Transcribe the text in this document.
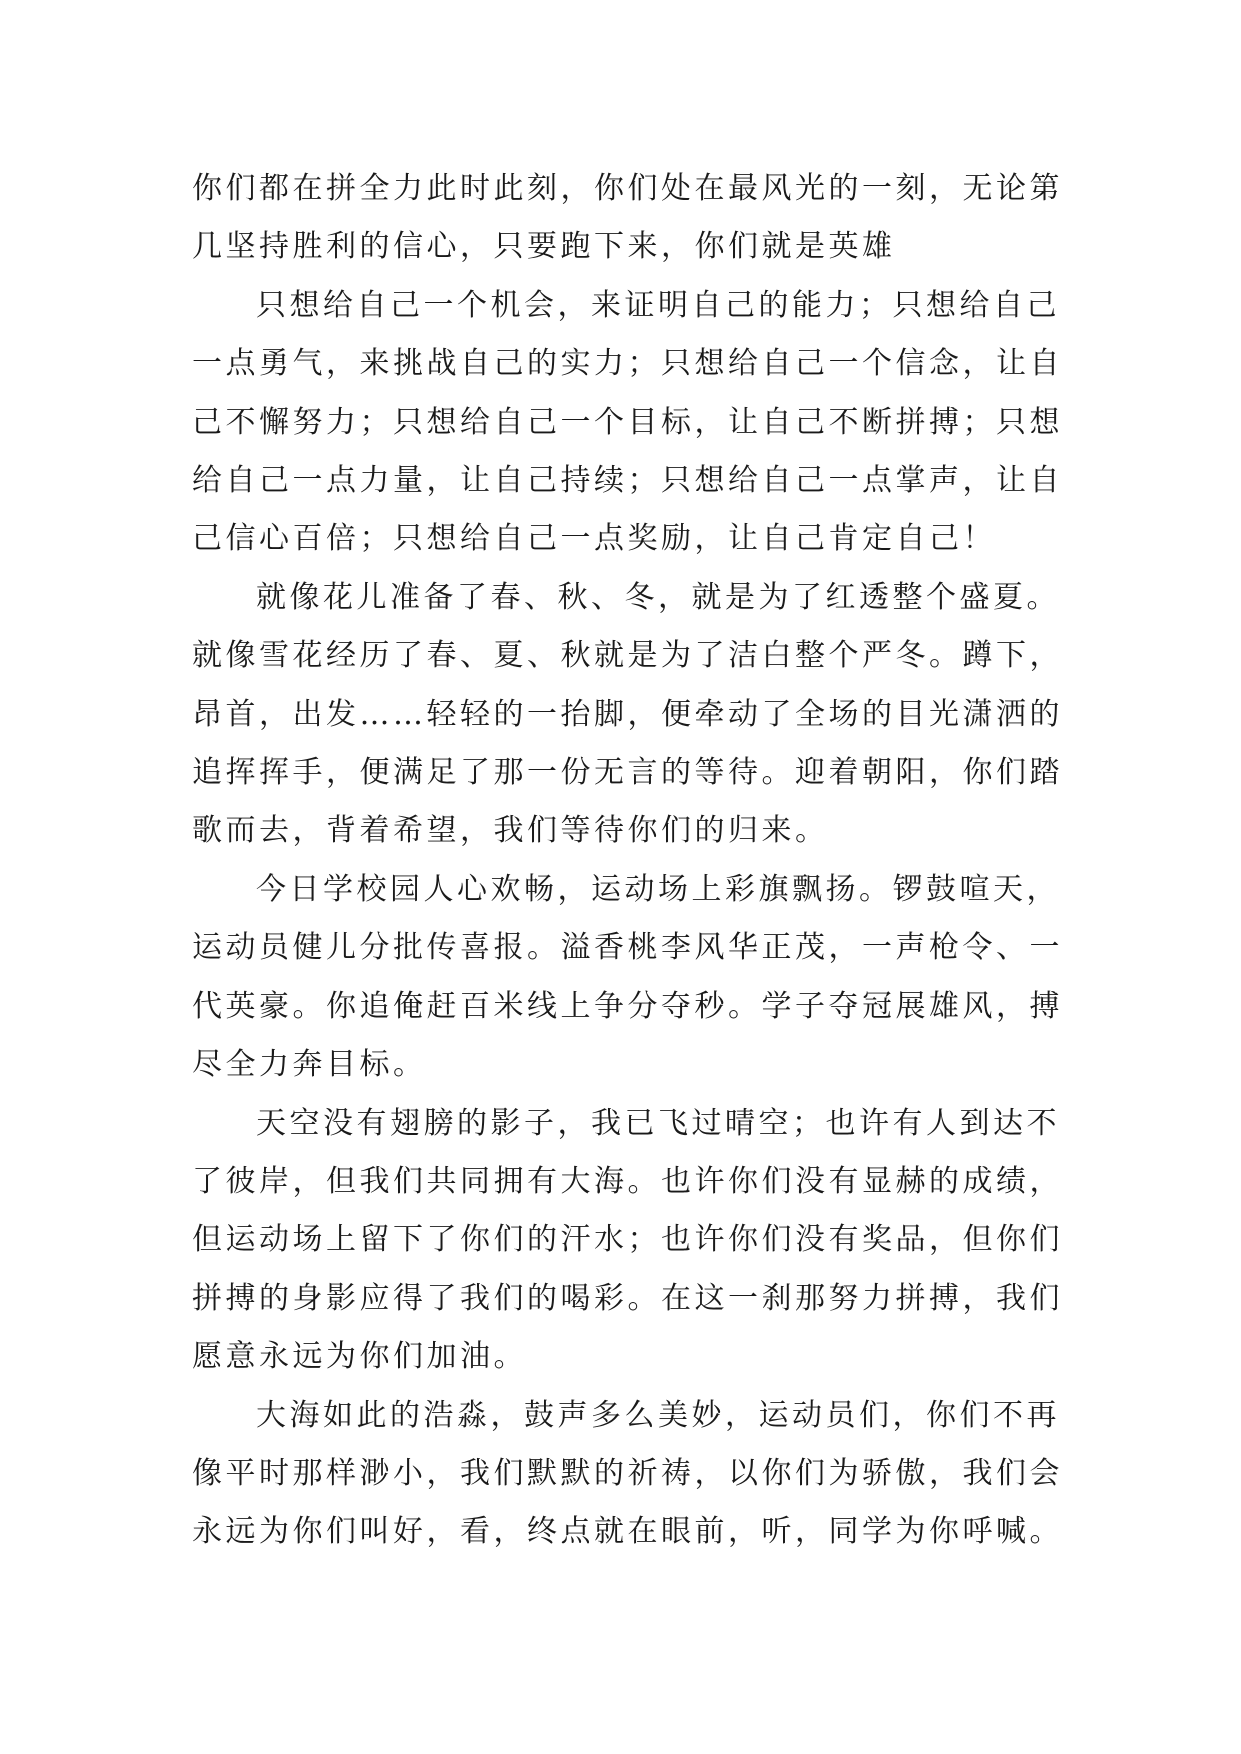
你们都在拼全力此时此刻，你们处在最风光的一刻，无论第
几坚持胜利的信心，只要跑下来，你们就是英雄
只想给自己一个机会，来证明自己的能力；只想给自己
一点勇气，来挑战自己的实力；只想给自己一个信念，让自
己不懈努力；只想给自己一个目标，让自己不断拼搏；只想
给自己一点力量，让自己持续；只想给自己一点掌声，让自
己信心百倍；只想给自己一点奖励，让自己肯定自己！
就像花儿准备了春、秋、冬，就是为了红透整个盛夏。
就像雪花经历了春、夏、秋就是为了洁白整个严冬。蹲下，
昂首，出发……轻轻的一抬脚，便牵动了全场的目光潇洒的
追挥挥手，便满足了那一份无言的等待。迎着朝阳，你们踏
歌而去，背着希望，我们等待你们的归来。
今日学校园人心欢畅，运动场上彩旗飘扬。锣鼓喧天，
运动员健儿分批传喜报。溢香桃李风华正茂，一声枪令、一
代英豪。你追俺赶百米线上争分夺秒。学子夺冠展雄风，搏
尽全力奔目标。
天空没有翅膀的影子，我已飞过晴空；也许有人到达不
了彼岸，但我们共同拥有大海。也许你们没有显赫的成绩，
但运动场上留下了你们的汗水；也许你们没有奖品，但你们
拼搏的身影应得了我们的喝彩。在这一刹那努力拼搏，我们
愿意永远为你们加油。
大海如此的浩淼，鼓声多么美妙，运动员们，你们不再
像平时那样渺小，我们默默的祈祷，以你们为骄傲，我们会
永远为你们叫好，看，终点就在眼前，听，同学为你呼喊。
